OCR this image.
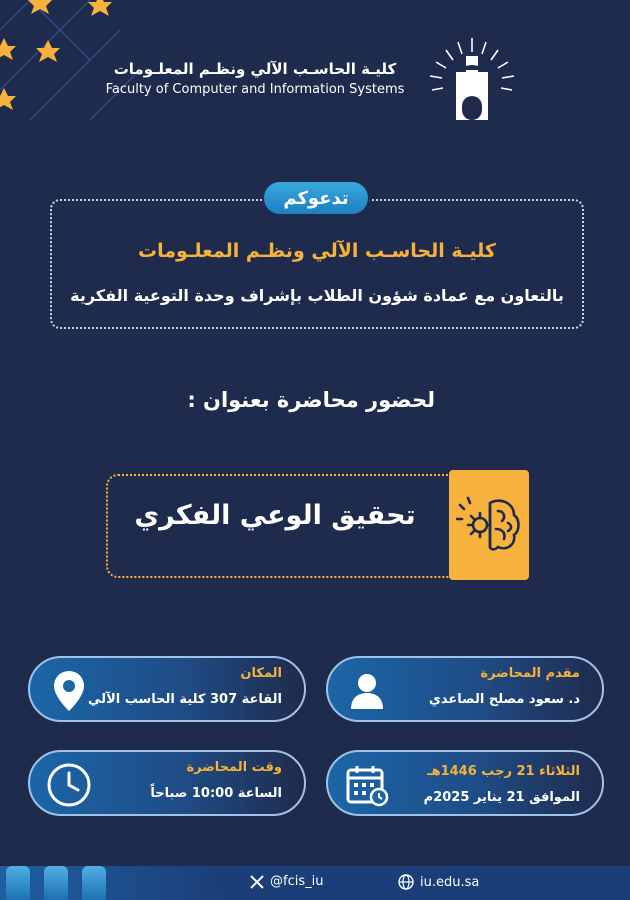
كليـة الحاسـب الآلي ونظـم المعلـومات
Faculty of Computer and Information Systems
تدعوكم
كليـة الحاسـب الآلي ونظـم المعلـومات
بالتعاون مع عمادة شؤون الطلاب بإشراف وحدة التوعية الفكرية
لحضور محاضرة بعنوان :
تحقيق الوعي الفكري
المكان
القاعة 307 كلية الحاسب الآلي
مقدم المحاضرة
د. سعود مصلح الصاعدي
وقت المحاضرة
الساعة 10:00 صباحاً
الثلاثاء 21 رجب 1446هـ
الموافق 21 يناير 2025م
@fcis_iu	iu.edu.sa
